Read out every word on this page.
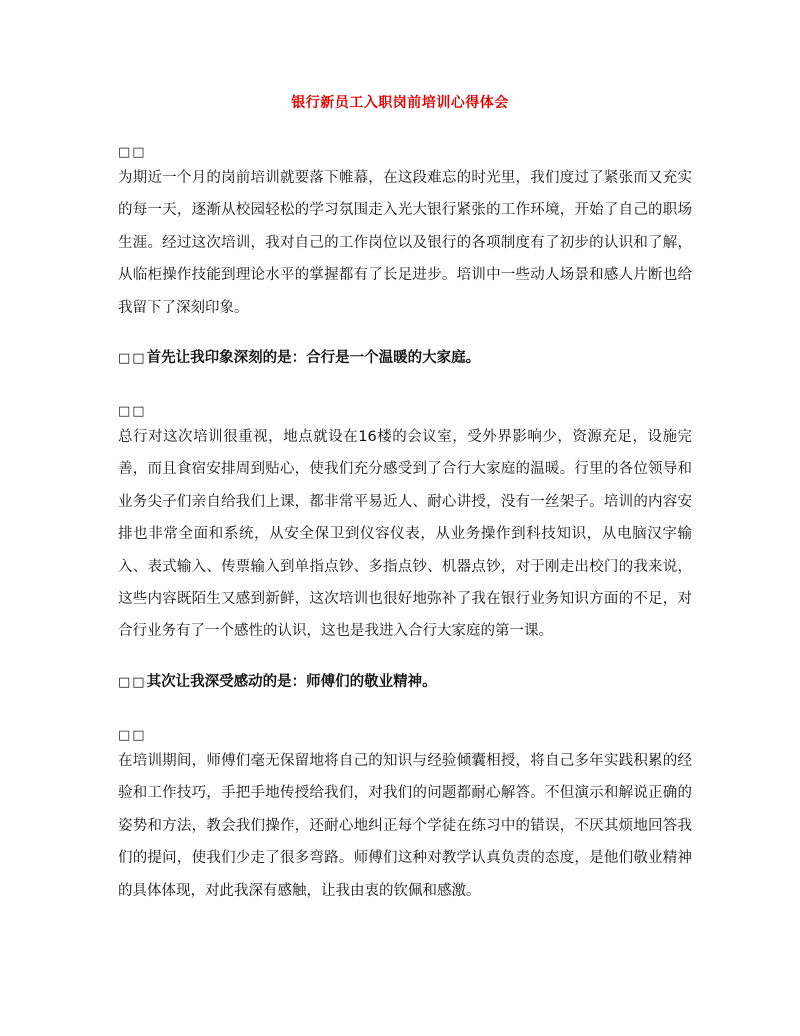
银行新员工入职岗前培训心得体会
□□

为期近一个月的岗前培训就要落下帷幕，在这段难忘的时光里，我们度过了紧张而又充实的每一天，逐渐从校园轻松的学习氛围走入光大银行紧张的工作环境，开始了自己的职场生涯。经过这次培训，我对自己的工作岗位以及银行的各项制度有了初步的认识和了解，从临柜操作技能到理论水平的掌握都有了长足进步。培训中一些动人场景和感人片断也给我留下了深刻印象。

□□首先让我印象深刻的是：合行是一个温暖的大家庭。
□□

总行对这次培训很重视，地点就设在16楼的会议室，受外界影响少，资源充足，设施完善，而且食宿安排周到贴心，使我们充分感受到了合行大家庭的温暖。行里的各位领导和业务尖子们亲自给我们上课，都非常平易近人、耐心讲授，没有一丝架子。培训的内容安排也非常全面和系统，从安全保卫到仪容仪表，从业务操作到科技知识，从电脑汉字输入、表式输入、传票输入到单指点钞、多指点钞、机器点钞，对于刚走出校门的我来说，这些内容既陌生又感到新鲜，这次培训也很好地弥补了我在银行业务知识方面的不足，对合行业务有了一个感性的认识，这也是我进入合行大家庭的第一课。

□□其次让我深受感动的是：师傅们的敬业精神。
□□

在培训期间，师傅们毫无保留地将自己的知识与经验倾囊相授，将自己多年实践积累的经验和工作技巧，手把手地传授给我们，对我们的问题都耐心解答。不但演示和解说正确的姿势和方法，教会我们操作，还耐心地纠正每个学徒在练习中的错误，不厌其烦地回答我们的提问，使我们少走了很多弯路。师傅们这种对教学认真负责的态度，是他们敬业精神的具体体现，对此我深有感触，让我由衷的钦佩和感激。
